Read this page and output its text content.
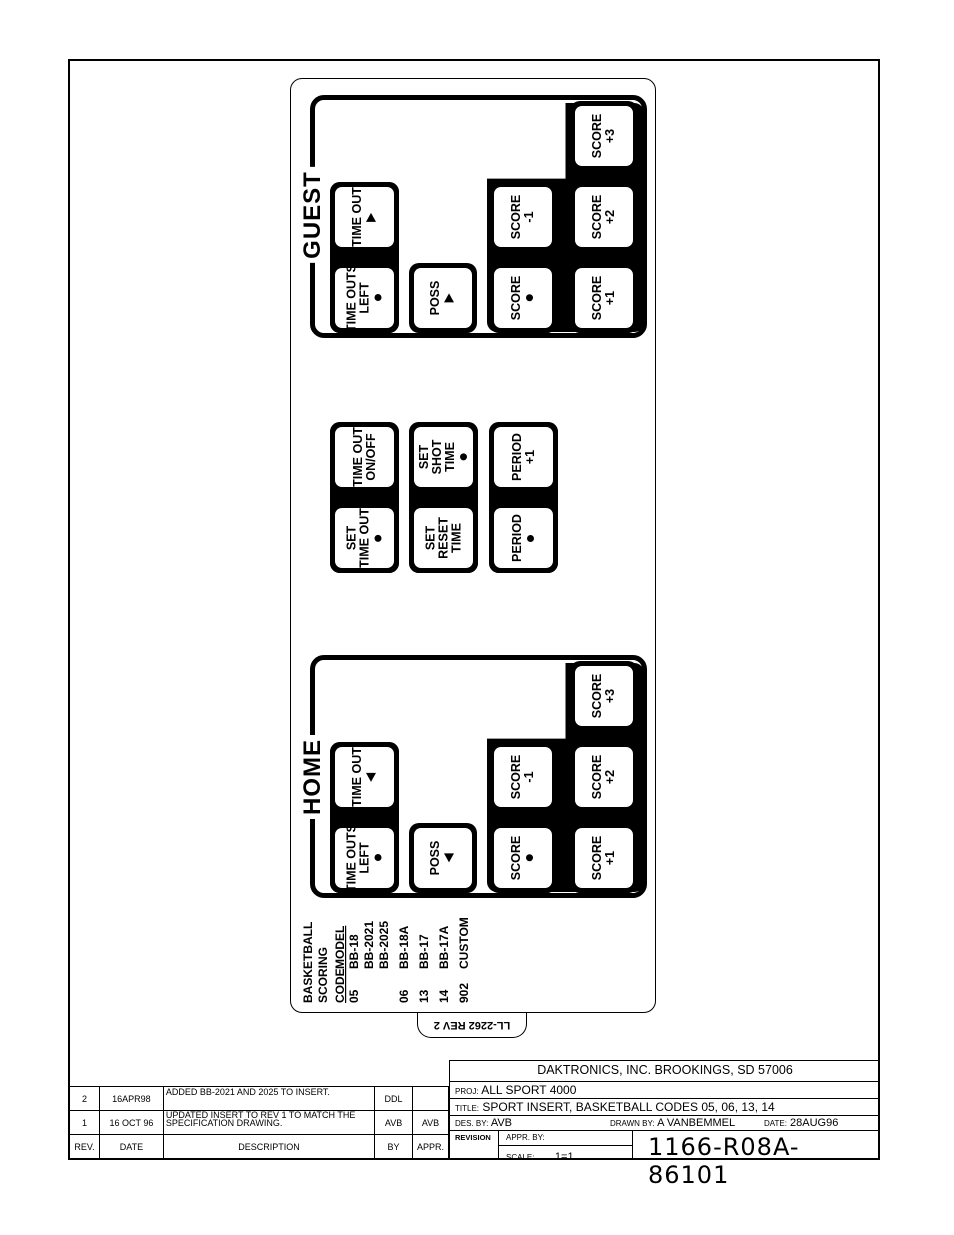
GUEST
SCORE +3
SCORE +2
SCORE +1
SCORE -1
SCORE
POSS
TIME OUT
TIME OUTS LEFT
TIME OUT ON/OFF
SET TIME OUT
SET SHOT TIME
SET RESET TIME
PERIOD +1
PERIOD
HOME
SCORE +3
SCORE +2
SCORE +1
SCORE -1
SCORE
POSS
TIME OUT
TIME OUTS LEFT
BASKETBALL SCORING CODE
MODEL
05
BB-18 BB-2021 BB-2025
06
BB-18A
13
BB-17
14
BB-17A
902
CUSTOM
LL-2262 REV 2
2	16APR98	ADDED BB-2021 AND 2025 TO INSERT.	DDL	
1	16 OCT 96	UPDATED INSERT TO REV 1 TO MATCH THE SPECIFICATION DRAWING.	AVB	AVB
REV.	DATE	DESCRIPTION	BY	APPR.
DAKTRONICS, INC. BROOKINGS, SD 57006
PROJ: ALL SPORT 4000
TITLE: SPORT INSERT, BASKETBALL CODES 05, 06, 13, 14
DES. BY: AVB	DRAWN BY: A VANBEMMEL	DATE: 28AUG96
REVISION APPR. BY:
SCALE: 1=1	1166-R08A-86101
